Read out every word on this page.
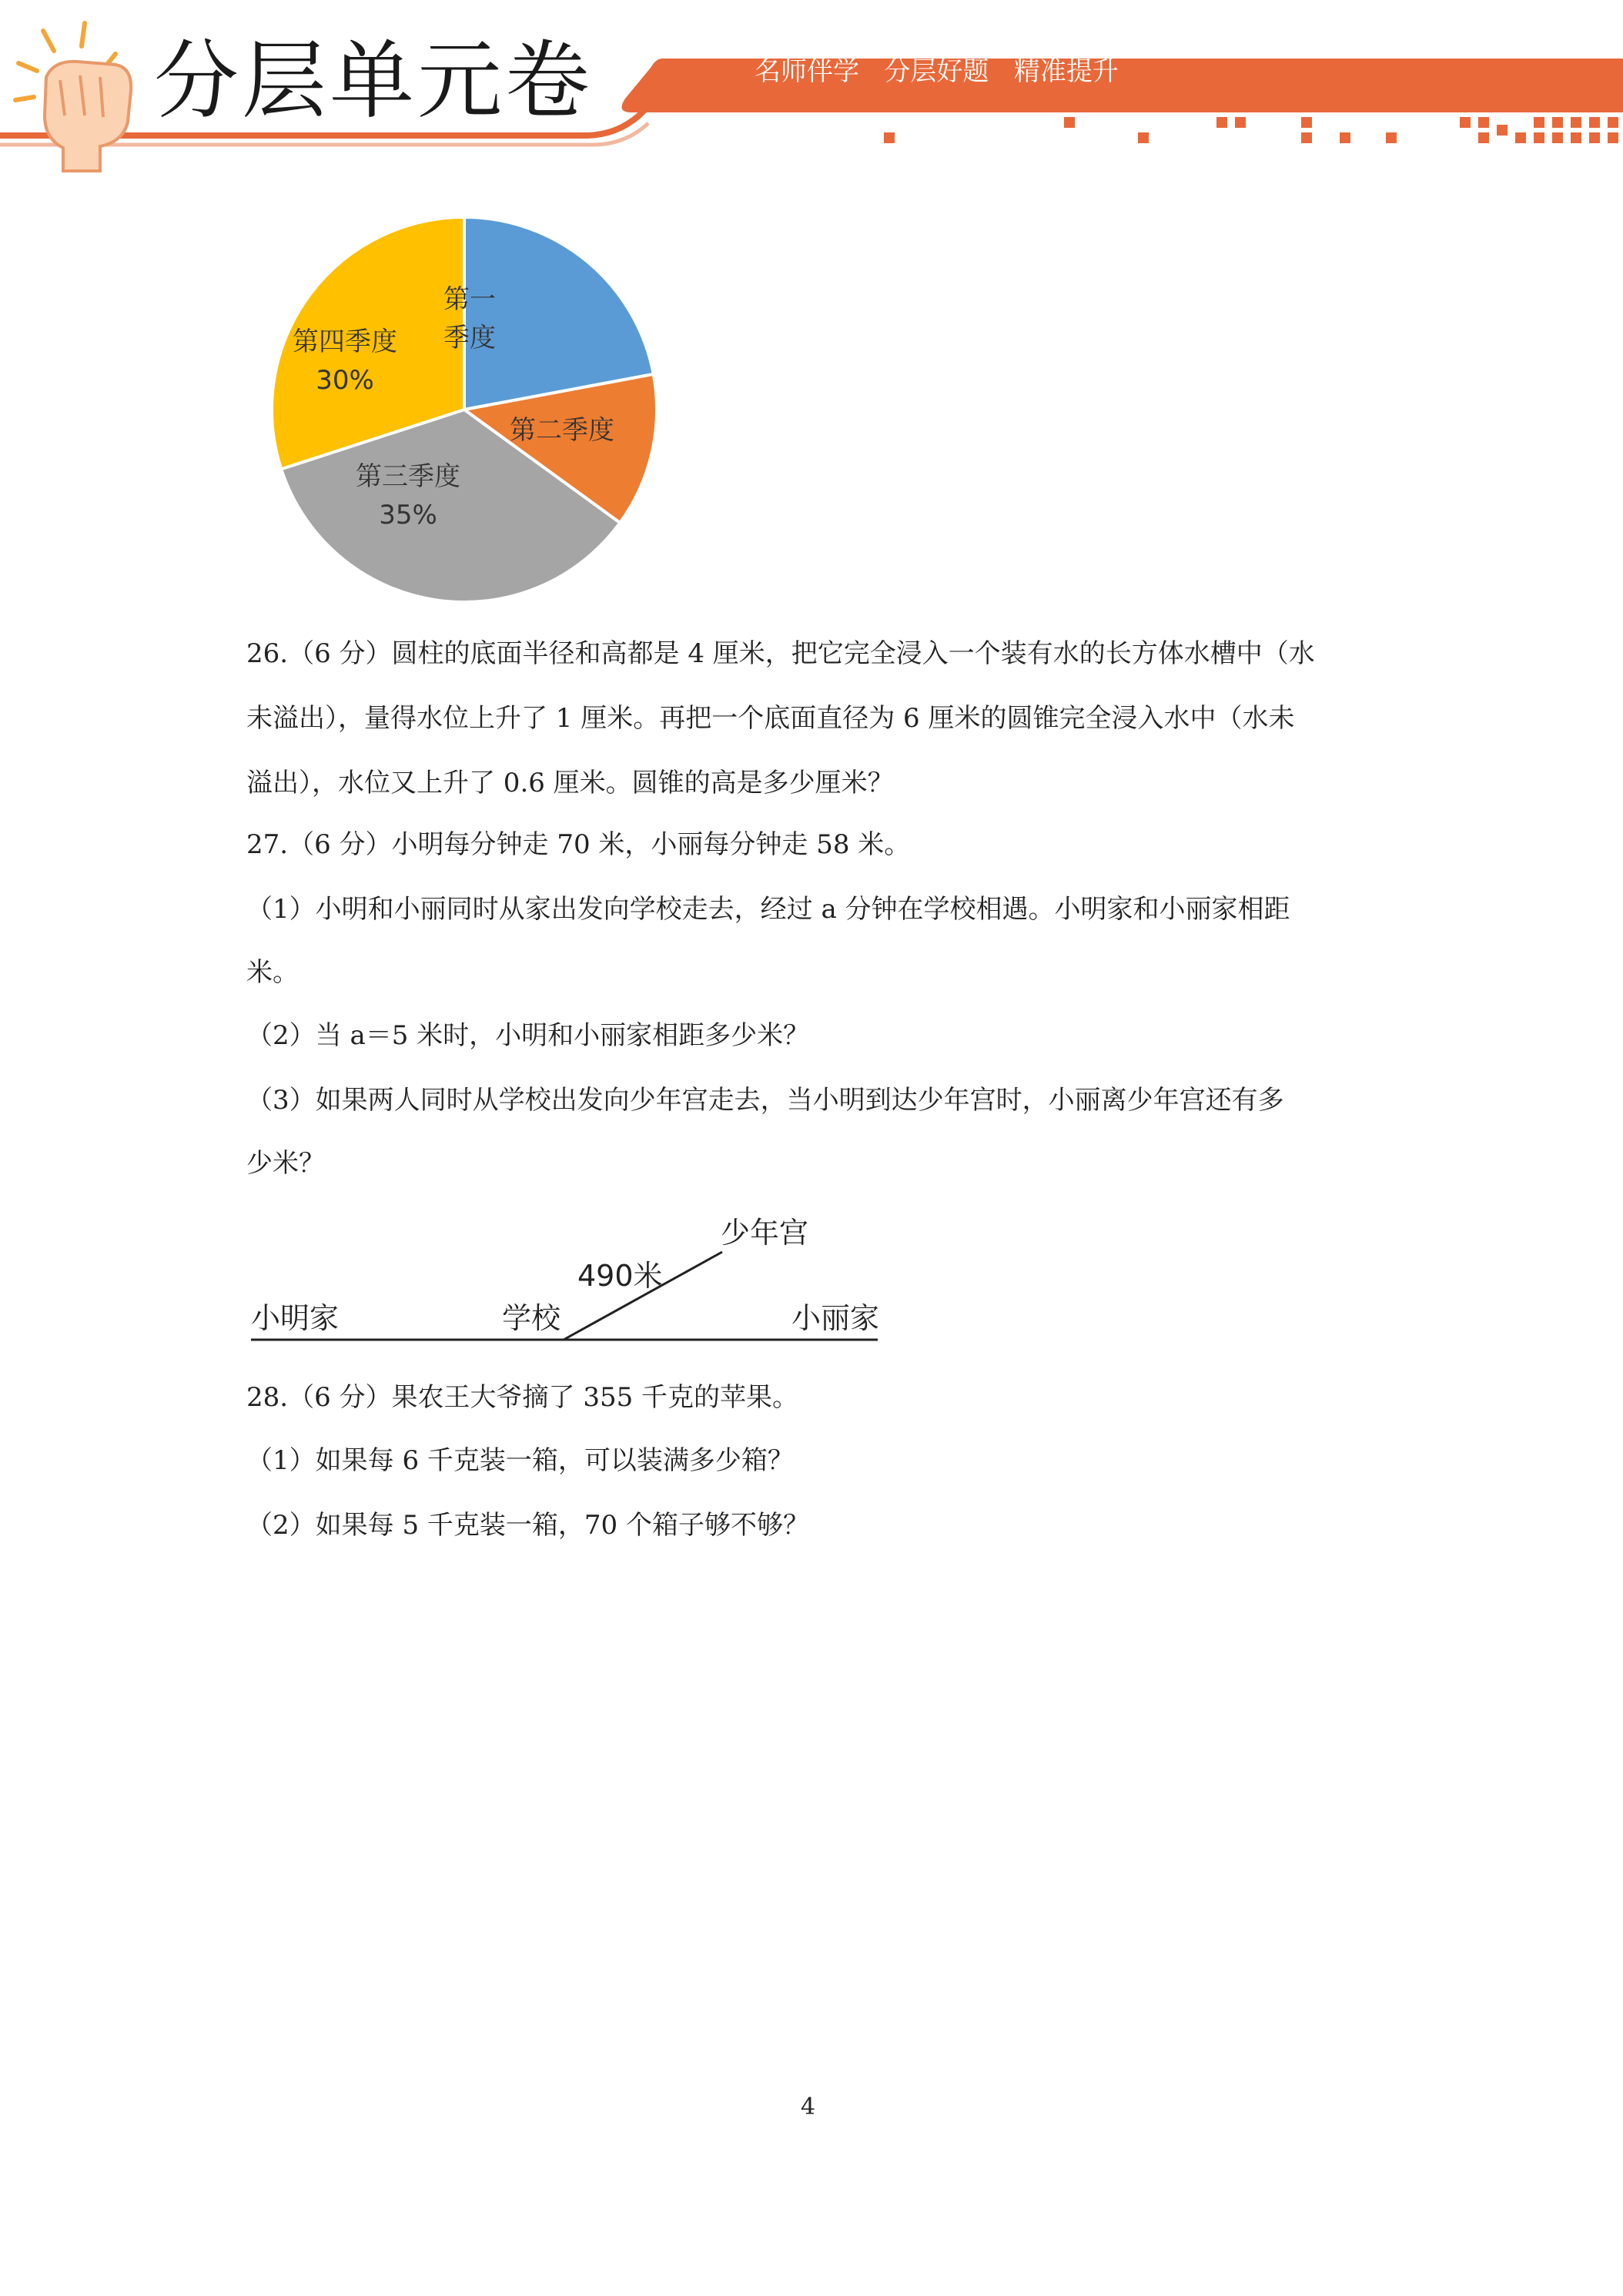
分层单元卷	名师伴学   分层好题   精准提升
第一
季度
第二季度
第三季度
35%
第四季度
30%
26.（6 分）圆柱的底面半径和高都是 4 厘米，把它完全浸入一个装有水的长方体水槽中（水
未溢出），量得水位上升了 1 厘米。再把一个底面直径为 6 厘米的圆锥完全浸入水中（水未
溢出），水位又上升了 0.6 厘米。圆锥的高是多少厘米？
27.（6 分）小明每分钟走 70 米，小丽每分钟走 58 米。
（1）小明和小丽同时从家出发向学校走去，经过 a 分钟在学校相遇。小明家和小丽家相距
米。
（2）当 a＝5 米时，小明和小丽家相距多少米？
（3）如果两人同时从学校出发向少年宫走去，当小明到达少年宫时，小丽离少年宫还有多
少米？
28.（6 分）果农王大爷摘了 355 千克的苹果。
（1）如果每 6 千克装一箱，可以装满多少箱？
（2）如果每 5 千克装一箱，70 个箱子够不够？
小明家	学校	小丽家
少年宫
490米
4
